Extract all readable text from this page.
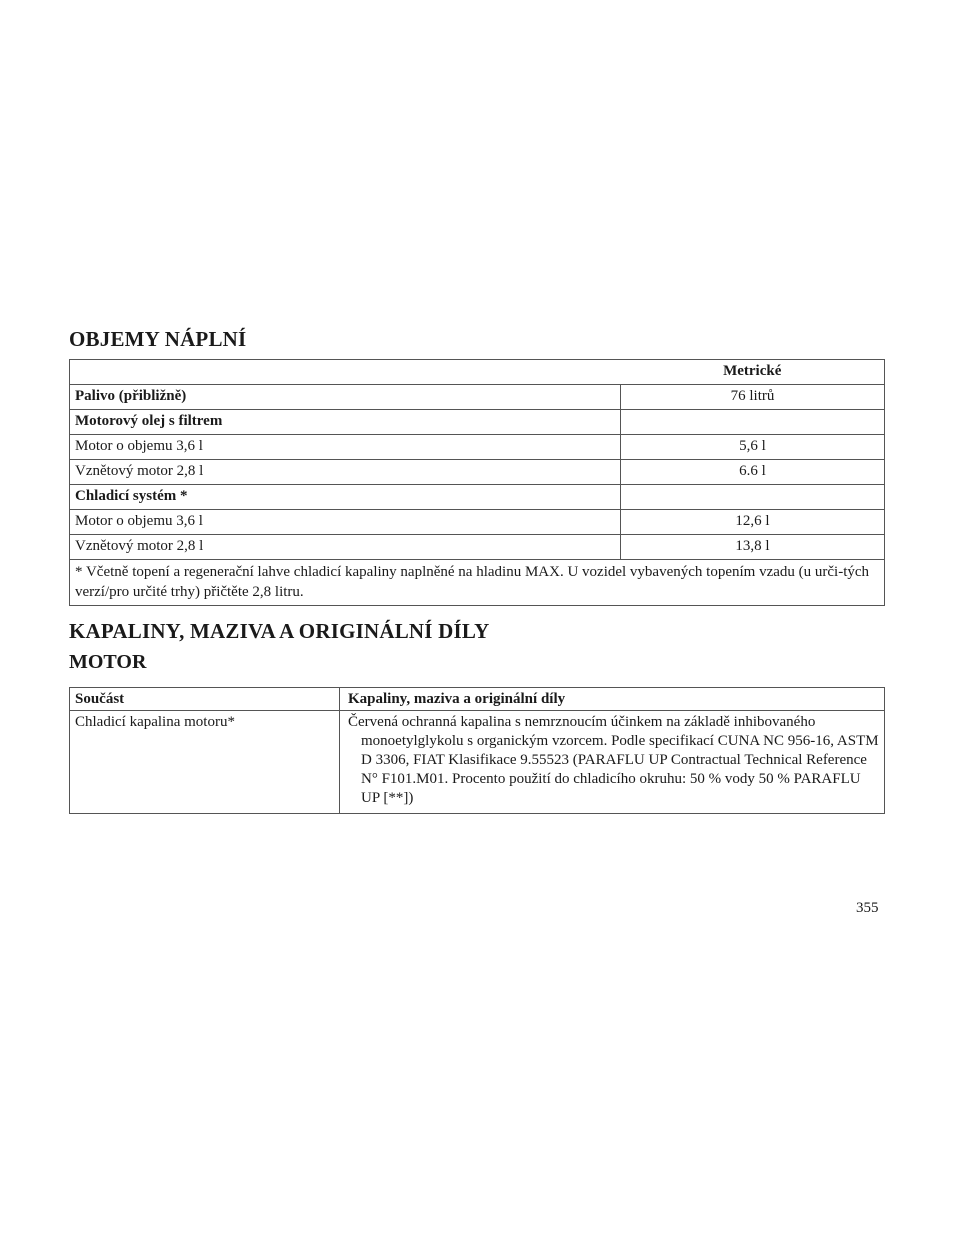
OBJEMY NÁPLNÍ
	Metrické
Palivo (přibližně)	76 litrů
Motorový olej s filtrem	
Motor o objemu 3,6 l	5,6 l
Vznětový motor 2,8 l	6.6 l
Chladicí systém *	
Motor o objemu 3,6 l	12,6 l
Vznětový motor 2,8 l	13,8 l
* Včetně topení a regenerační lahve chladicí kapaliny naplněné na hladinu MAX. U vozidel vybavených topením vzadu (u urči-tých verzí/pro určité trhy) přičtěte 2,8 litru.	
KAPALINY, MAZIVA A ORIGINÁLNÍ DÍLY
MOTOR
Součást	Kapaliny, maziva a originální díly
Chladicí kapalina motoru*	Červená ochranná kapalina s nemrznoucím účinkem na základě inhibovaného monoetylglykolu s organickým vzorcem. Podle specifikací CUNA NC 956-16, ASTM D 3306, FIAT Klasifikace 9.55523 (PARAFLU UP Contractual Technical Reference N° F101.M01. Procento použití do chladicího okruhu: 50 % vody 50 % PARAFLU UP [**])
355
